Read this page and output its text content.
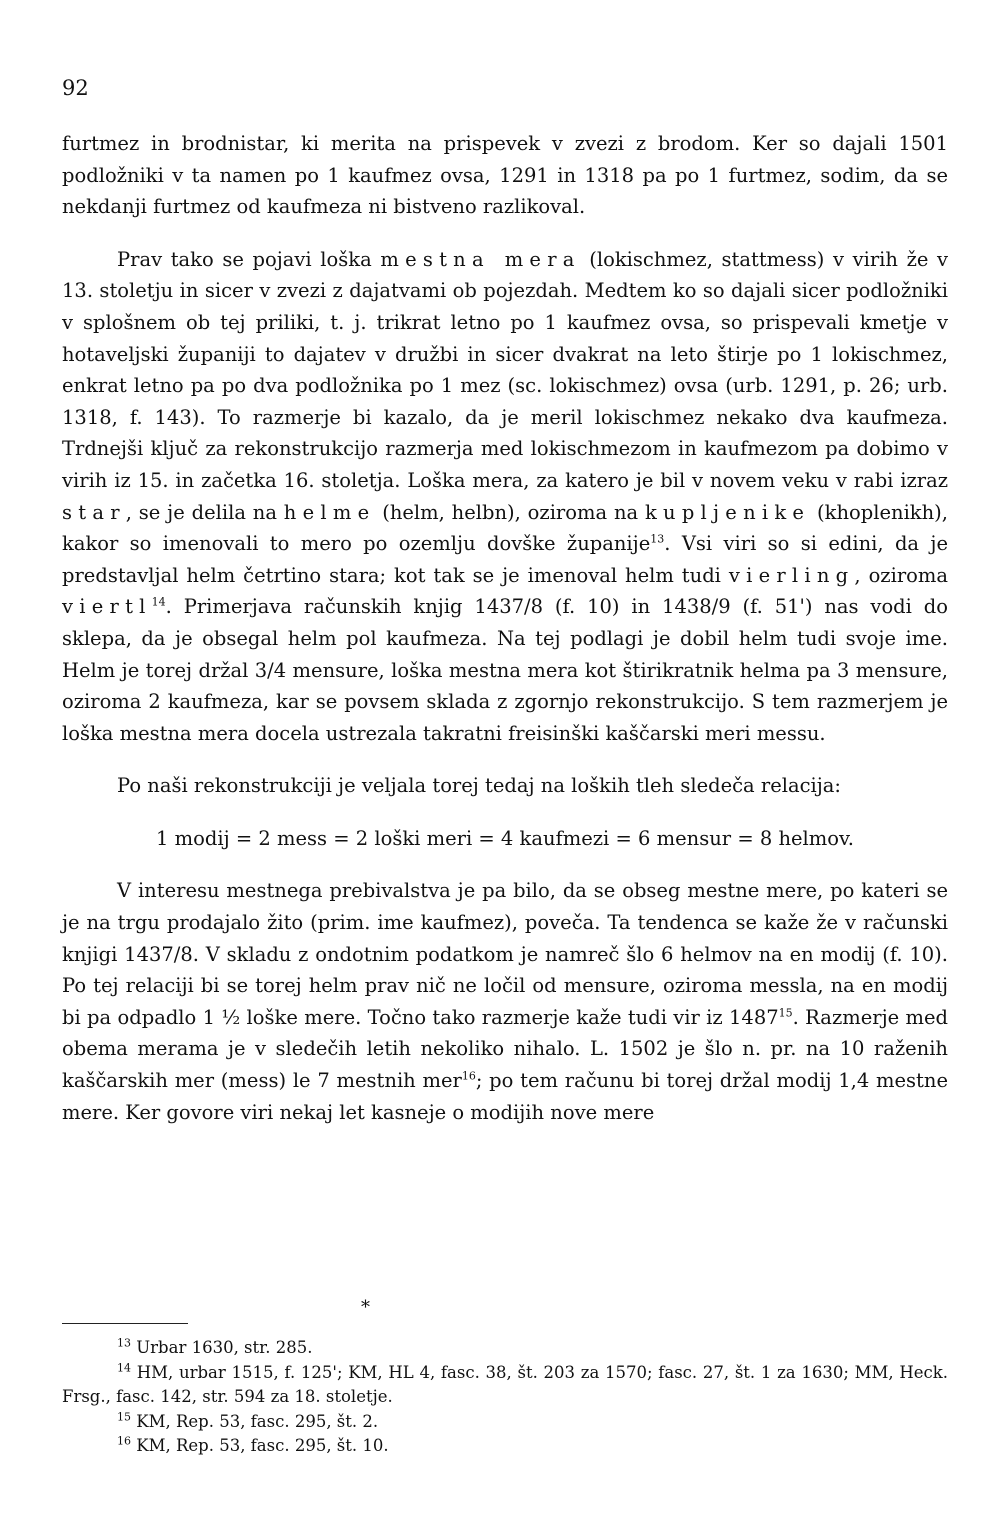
92

furtmez in brodnistar, ki merita na prispevek v zvezi z brodom. Ker so dajali 1501 podložniki v ta namen po 1 kaufmez ovsa, 1291 in 1318 pa po 1 furtmez, sodim, da se nekdanji furtmez od kaufmeza ni bistveno razlikoval.

Prav tako se pojavi loška mestna mera (lokischmez, stattmess) v virih že v 13. stoletju in sicer v zvezi z dajatvami ob pojezdah. Medtem ko so dajali sicer podložniki v splošnem ob tej priliki, t. j. trikrat letno po 1 kaufmez ovsa, so prispevali kmetje v hotaveljski županiji to dajatev v družbi in sicer dvakrat na leto štirje po 1 lokischmez, enkrat letno pa po dva podložnika po 1 mez (sc. lokischmez) ovsa (urb. 1291, p. 26; urb. 1318, f. 143). To razmerje bi kazalo, da je meril lokischmez nekako dva kaufmeza. Trdnejši ključ za rekonstrukcijo razmerja med lokischmezom in kaufmezom pa dobimo v virih iz 15. in začetka 16. stoletja. Loška mera, za katero je bil v novem veku v rabi izraz star, se je delila na helme (helm, helbn), oziroma na kupljenike (khoplenikh), kakor so imenovali to mero po ozemlju dovške županije$^{13}$. Vsi viri so si edini, da je predstavljal helm četrtino stara; kot tak se je imenoval helm tudi vierling, oziroma viertl$^{14}$. Primerjava računskih knjig 1437/8 (f. 10) in 1438/9 (f. 51') nas vodi do sklepa, da je obsegal helm pol kaufmeza. Na tej podlagi je dobil helm tudi svoje ime. Helm je torej držal 3/4 mensure, loška mestna mera kot štirikratnik helma pa 3 mensure, oziroma 2 kaufmeza, kar se povsem sklada z zgornjo rekonstrukcijo. S tem razmerjem je loška mestna mera docela ustrezala takratni freisinški kaščarski meri messu.

Po naši rekonstrukciji je veljala torej tedaj na loških tleh sledeča relacija:

1 modij = 2 mess = 2 loški meri = 4 kaufmezi = 6 mensur = 8 helmov.

V interesu mestnega prebivalstva je pa bilo, da se obseg mestne mere, po kateri se je na trgu prodajalo žito (prim. ime kaufmez), poveča. Ta tendenca se kaže že v računski knjigi 1437/8. V skladu z ondotnim podatkom je namreč šlo 6 helmov na en modij (f. 10). Po tej relaciji bi se torej helm prav nič ne ločil od mensure, oziroma messla, na en modij bi pa odpadlo 1 ½ loške mere. Točno tako razmerje kaže tudi vir iz 1487$^{15}$. Razmerje med obema merama je v sledečih letih nekoliko nihalo. L. 1502 je šlo n. pr. na 10 raženih kaščarskih mer (mess) le 7 mestnih mer$^{16}$; po tem računu bi torej držal modij 1,4 mestne mere. Ker govore viri nekaj let kasneje o modijih nove mere

*

$^{13}$ Urbar 1630, str. 285.

$^{14}$ HM, urbar 1515, f. 125'; KM, HL 4, fasc. 38, št. 203 za 1570; fasc. 27, št. 1 za 1630; MM, Heck. Frsg., fasc. 142, str. 594 za 18. stoletje.

$^{15}$ KM, Rep. 53, fasc. 295, št. 2.

$^{16}$ KM, Rep. 53, fasc. 295, št. 10.
